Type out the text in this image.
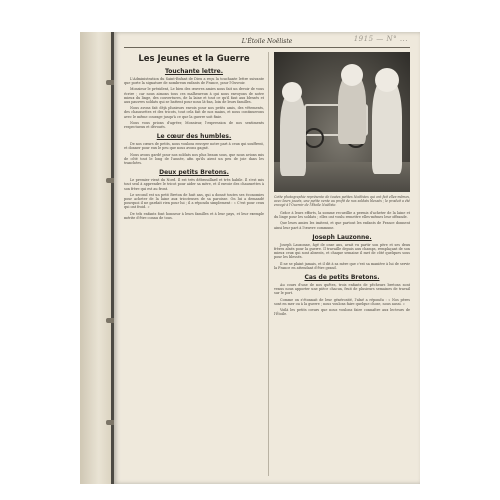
L'Étoile Noëliste	1915 — N° ...
Les Jeunes et la Guerre
Touchante lettre.

L'Administration du Saint-Enfant de Dieu a reçu la touchante lettre suivante que porte la signature de nombreux enfants de France, pour l'Ouvroir.

Monsieur le président, Le bien des œuvres amies nous fait un devoir de vous écrire ; car nous aimons tous ces malheureux à qui nous envoyons de notre mieux du linge, des couvertures, de la laine et tout ce qu'il faut aux blessés et aux pauvres soldats qui se battent pour nous là-bas, loin de leurs familles.

Nous avons fait déjà plusieurs envois pour nos petits amis, des vêtements, des chaussettes et des tricots, tout cela fait de nos mains, et nous continuerons avec le même courage jusqu'à ce que la guerre soit finie.

Nous vous prions d'agréer, Monsieur, l'expression de nos sentiments respectueux et dévoués.

Le cœur des humbles.

De nos cœurs de petits, nous voulons envoyer notre part à ceux qui souffrent, et donner pour eux le peu que nous avons gagné.

Nous avons gardé pour nos soldats nos plus beaux sous, que nous avions mis de côté tout le long de l'année, afin qu'ils aient un peu de joie dans les tranchées.

Deux petits Bretons.

Le premier vient du Nord. Il est très débrouillard et très habile. Il s'est mis tout seul à apprendre le tricot pour aider sa mère, et il envoie des chaussettes à son frère qui est au front.

Le second est un petit Breton de huit ans, qui a donné toutes ses économies pour acheter de la laine aux tricoteuses de sa paroisse. On lui a demandé pourquoi il ne gardait rien pour lui ; il a répondu simplement : « C'est pour ceux qui ont froid. »

De tels enfants font honneur à leurs familles et à leur pays, et leur exemple mérite d'être connu de tous.

Cette photographie représente de toutes petites Noëlistes qui ont fait elles-mêmes, avec leurs jouets, une petite vente au profit de nos soldats blessés ; le produit a été envoyé à l'Ouvroir de l'Étoile Noëliste.

Grâce à leurs efforts, la somme recueillie a permis d'acheter de la laine et du linge pour les soldats ; elles ont voulu remettre elles-mêmes leur offrande.

Que leurs amies les imitent, et que partout les enfants de France donnent ainsi leur part à l'œuvre commune.

Joseph Lauzonne.

Joseph Lauzonne, âgé de onze ans, avait vu partir son père et ses deux frères aînés pour la guerre. Il travaille depuis aux champs, remplaçant de son mieux ceux qui sont absents, et chaque semaine il met de côté quelques sous pour les blessés.

Il ne se plaint jamais, et il dit à sa mère que c'est sa manière à lui de servir la France en attendant d'être grand.

Cas de petits Bretons.

Au cours d'une de nos quêtes, trois enfants de pêcheurs bretons sont venus nous apporter une pièce chacun, fruit de plusieurs semaines de travail sur le port.

Comme on s'étonnait de leur générosité, l'aîné a répondu : « Nos pères sont en mer ou à la guerre ; nous voulons faire quelque chose, nous aussi. »

Voilà les petits cœurs que nous voulons faire connaître aux lecteurs de l'Étoile.
